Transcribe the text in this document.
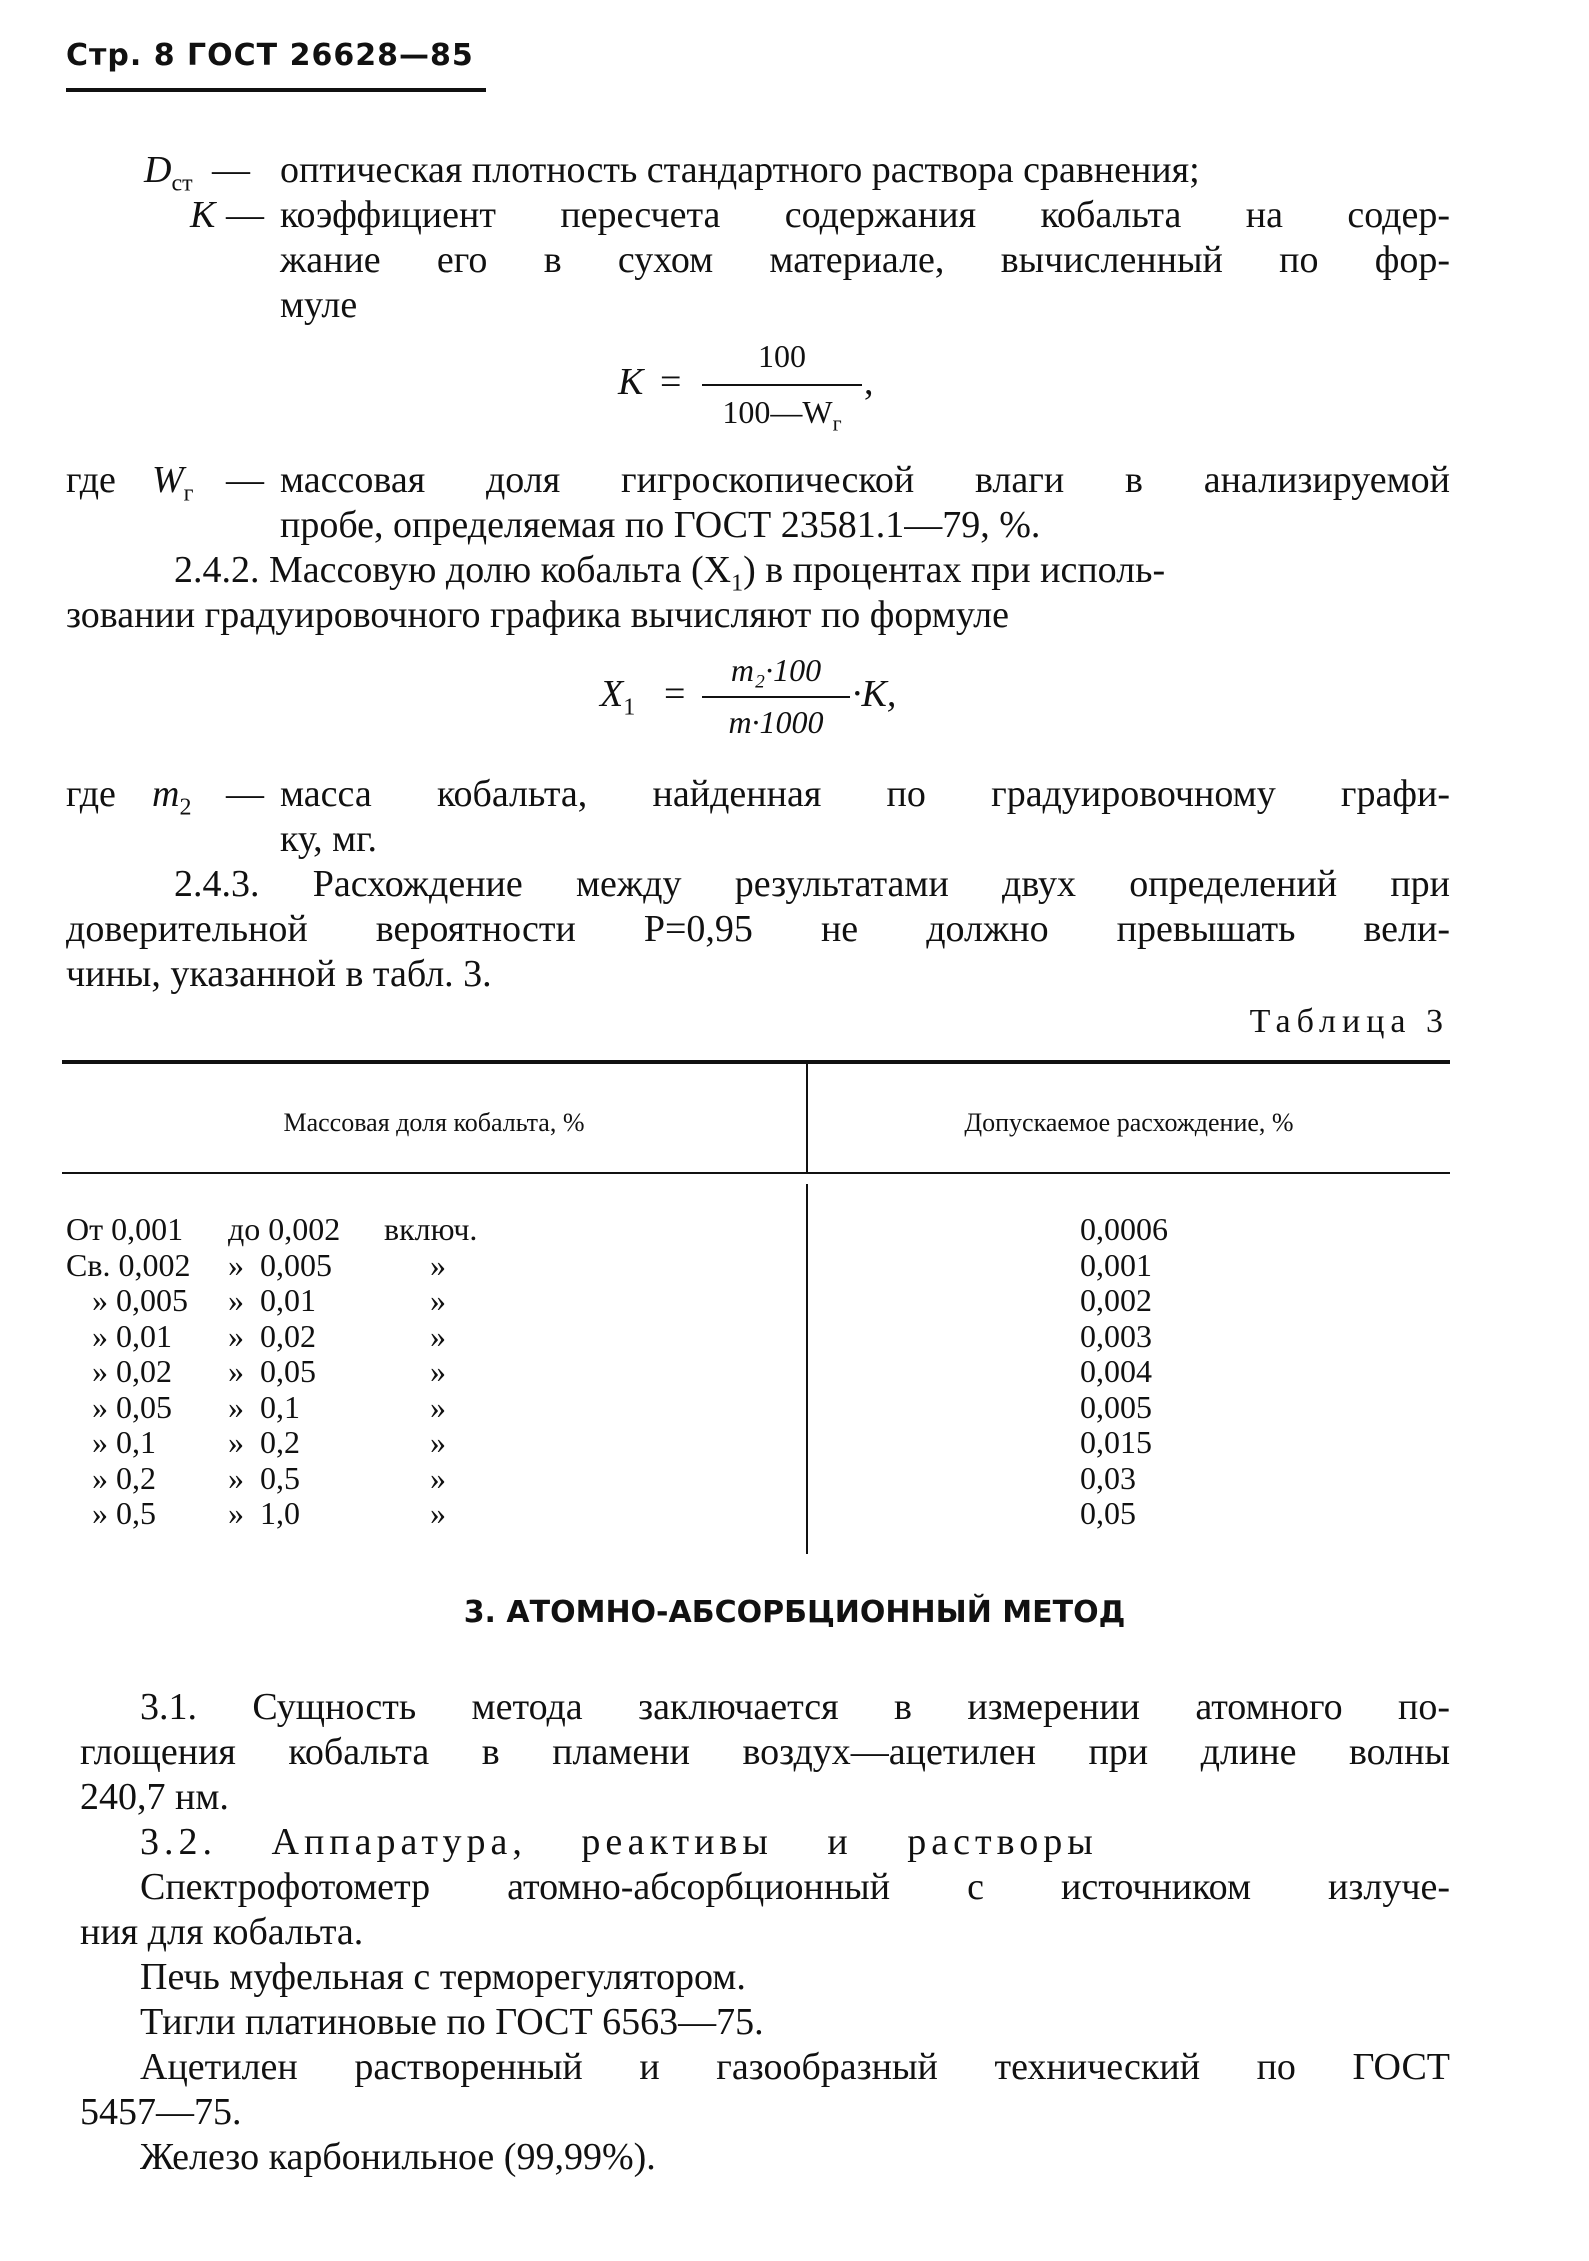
Стр. 8 ГОСТ 26628—85
$D_{ст}$ — оптическая плотность стандартного раствора сравнения;
K — коэффициент пересчета содержания кобальта на содер-
жание его в сухом материале, вычисленный по фор-
муле
K =
100
$100—W_г$
,
где $W_г$ — массовая доля гигроскопической влаги в анализируемой
пробе, определяемая по ГОСТ 23581.1—79, %.
2.4.2. Массовую долю кобальта $(X_1)$ в процентах при исполь-
зовании градуировочного графика вычисляют по формуле
$X_1$ =
m₂·100
m·1000
·K,
где $m_2$ — масса кобальта, найденная по градуировочному графи-
ку, мг.
2.4.3. Расхождение между результатами двух определений при
доверительной вероятности P=0,95 не должно превышать вели-
чины, указанной в табл. 3.
Таблица 3
Массовая доля кобальта, %	Допускаемое расхождение, %
От 0,001 до 0,002 включ.	0,0006
Св. 0,002 »  0,005	»	0,001
» 0,005 »  0,01	»	0,002
» 0,01 »  0,02	»	0,003
» 0,02 »  0,05	»	0,004
» 0,05 »  0,1	»	0,005
» 0,1 »  0,2	»	0,015
» 0,2 »  0,5	»	0,03
» 0,5 »  1,0	»	0,05
3. АТОМНО-АБСОРБЦИОННЫЙ МЕТОД
3.1. Сущность метода заключается в измерении атомного по-
глощения кобальта в пламени воздух—ацетилен при длине волны
240,7 нм.
3.2. Аппаратура, реактивы и растворы
Спектрофотометр атомно-абсорбционный с источником излуче-
ния для кобальта.
Печь муфельная с терморегулятором.
Тигли платиновые по ГОСТ 6563—75.
Ацетилен растворенный и газообразный технический по ГОСТ
5457—75.
Железо карбонильное (99,99%).
